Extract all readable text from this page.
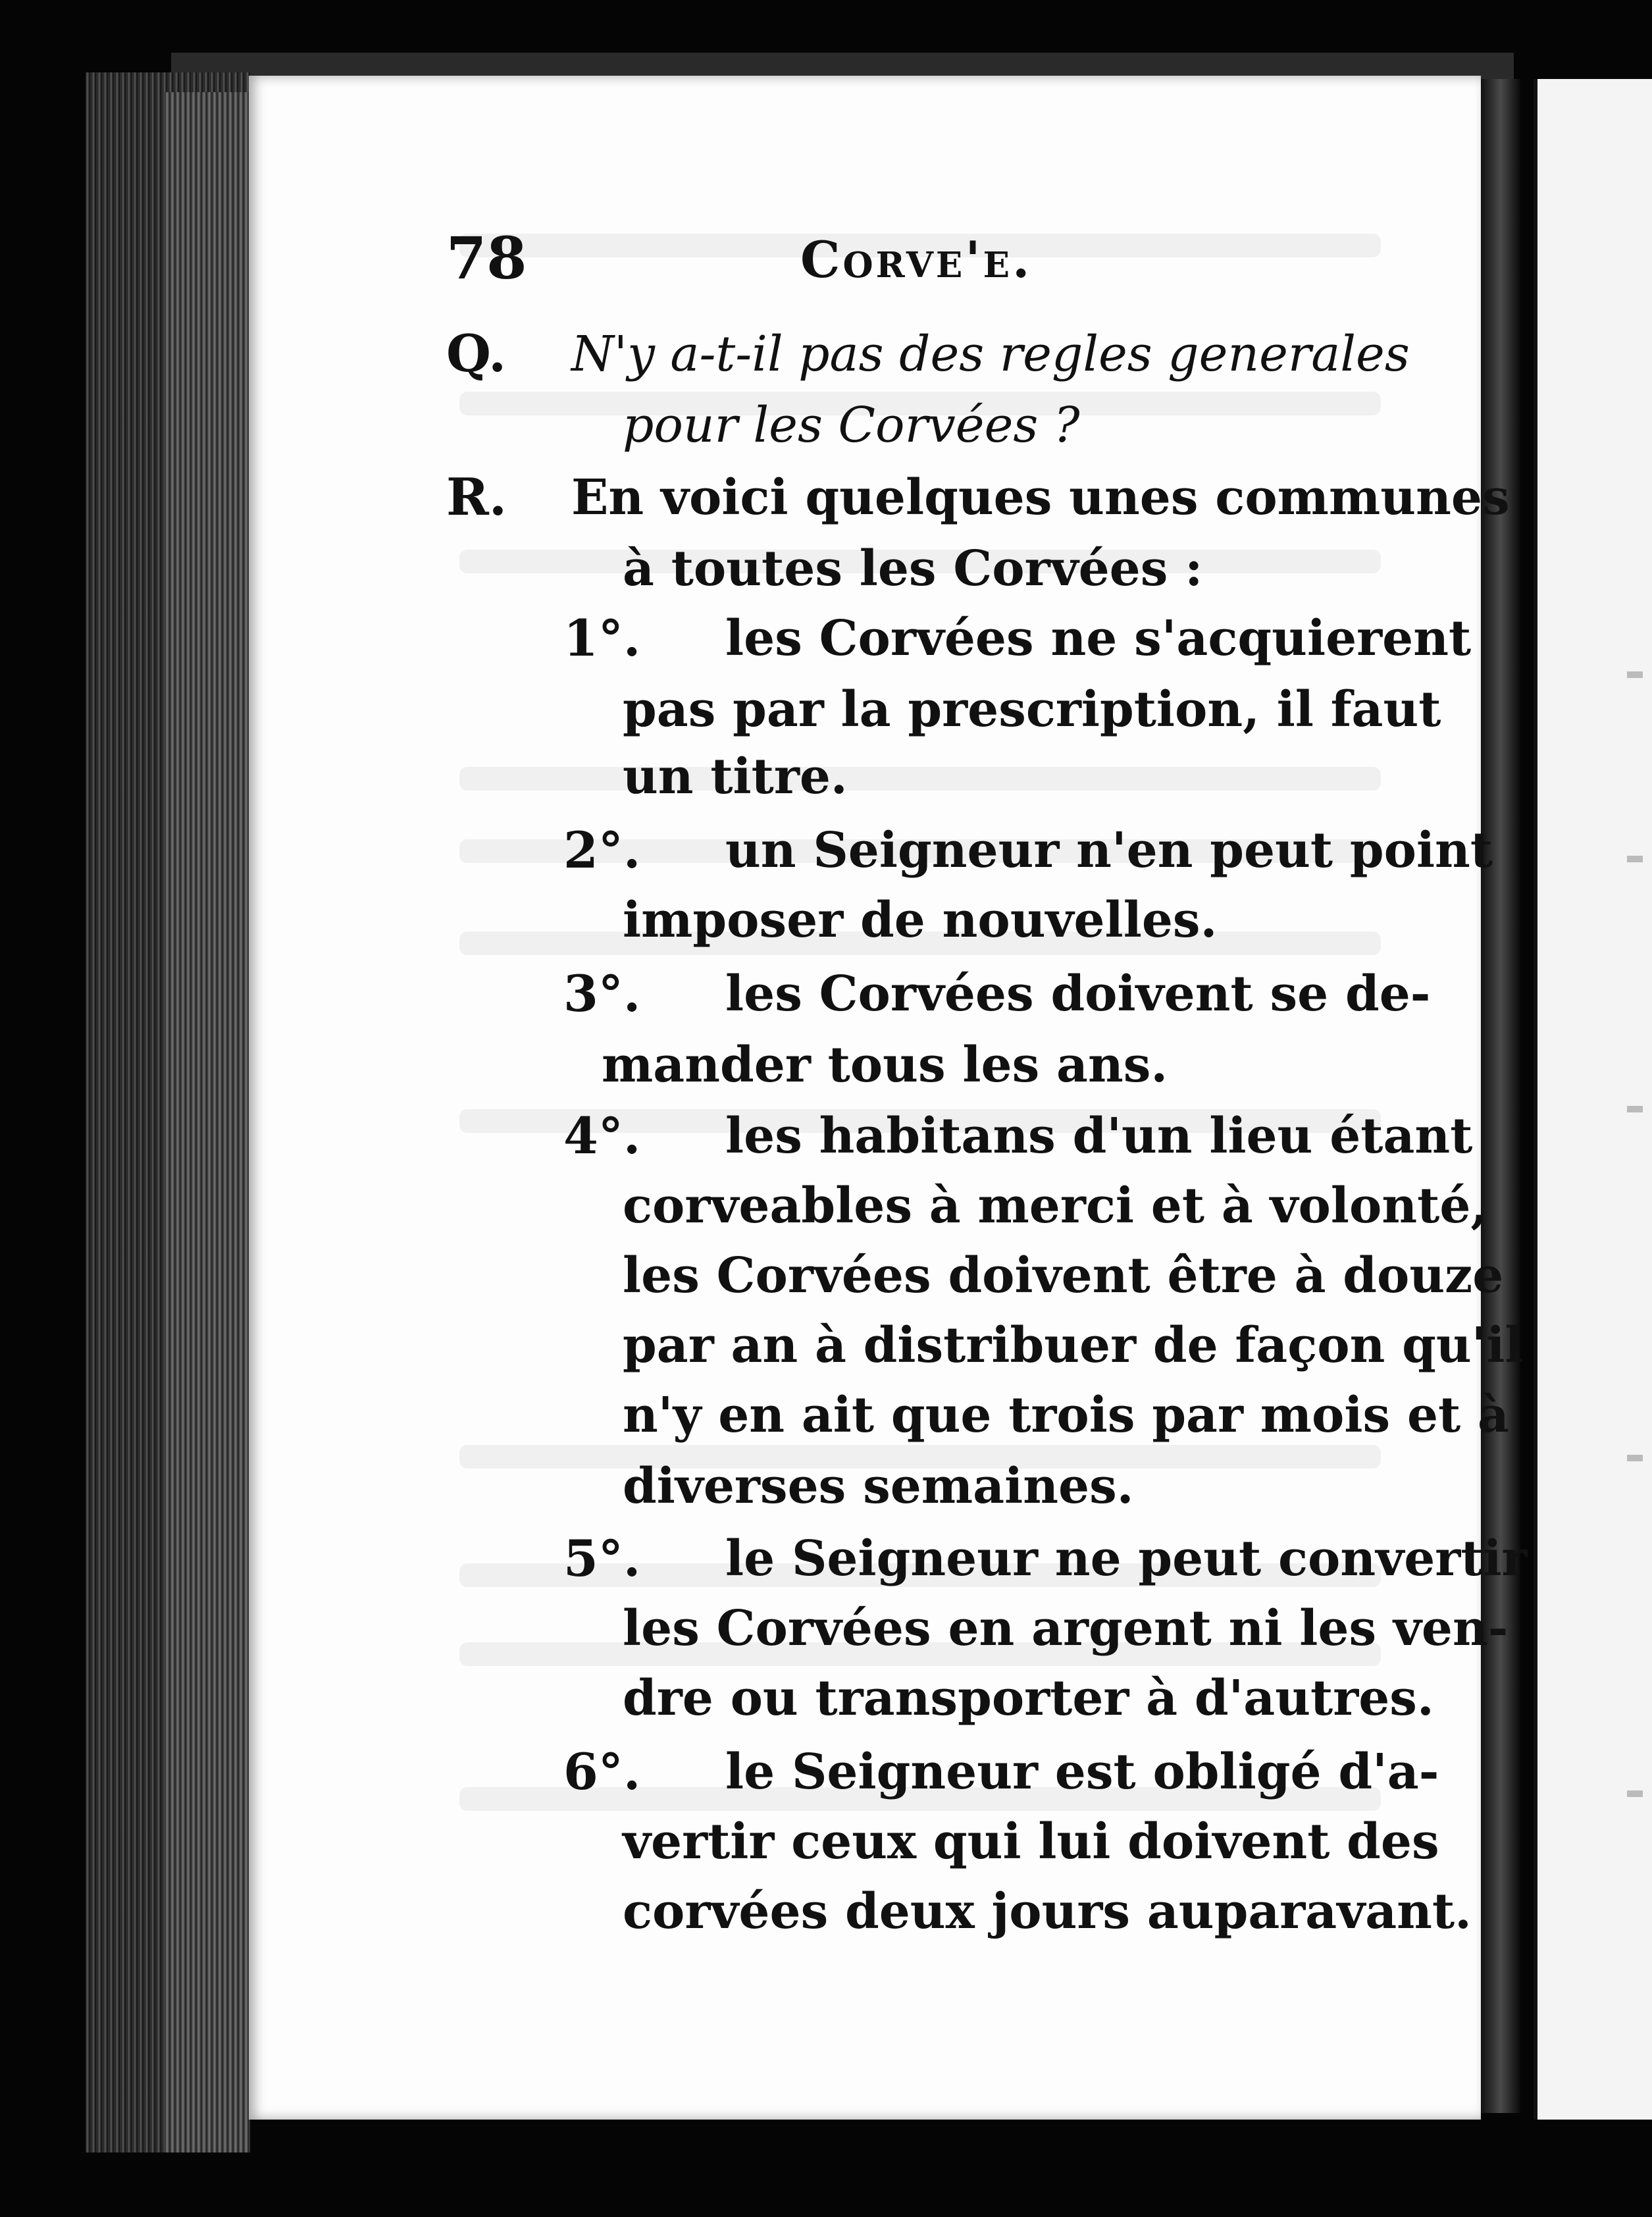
78	Corve'e.
Q. N'y a-t-il pas des regles generales
pour les Corvées ?
R. En voici quelques unes communes
à toutes les Corvées :
1°. les Corvées ne s'acquierent
pas par la prescription, il faut
un titre.
2°. un Seigneur n'en peut point
imposer de nouvelles.
3°. les Corvées doivent se de-
mander tous les ans.
4°. les habitans d'un lieu étant
corveables à merci et à volonté,
les Corvées doivent être à douze
par an à distribuer de façon qu'il
n'y en ait que trois par mois et à
diverses semaines.
5°. le Seigneur ne peut convertir
les Corvées en argent ni les ven-
dre ou transporter à d'autres.
6°. le Seigneur est obligé d'a-
vertir ceux qui lui doivent des
corvées deux jours auparavant.
